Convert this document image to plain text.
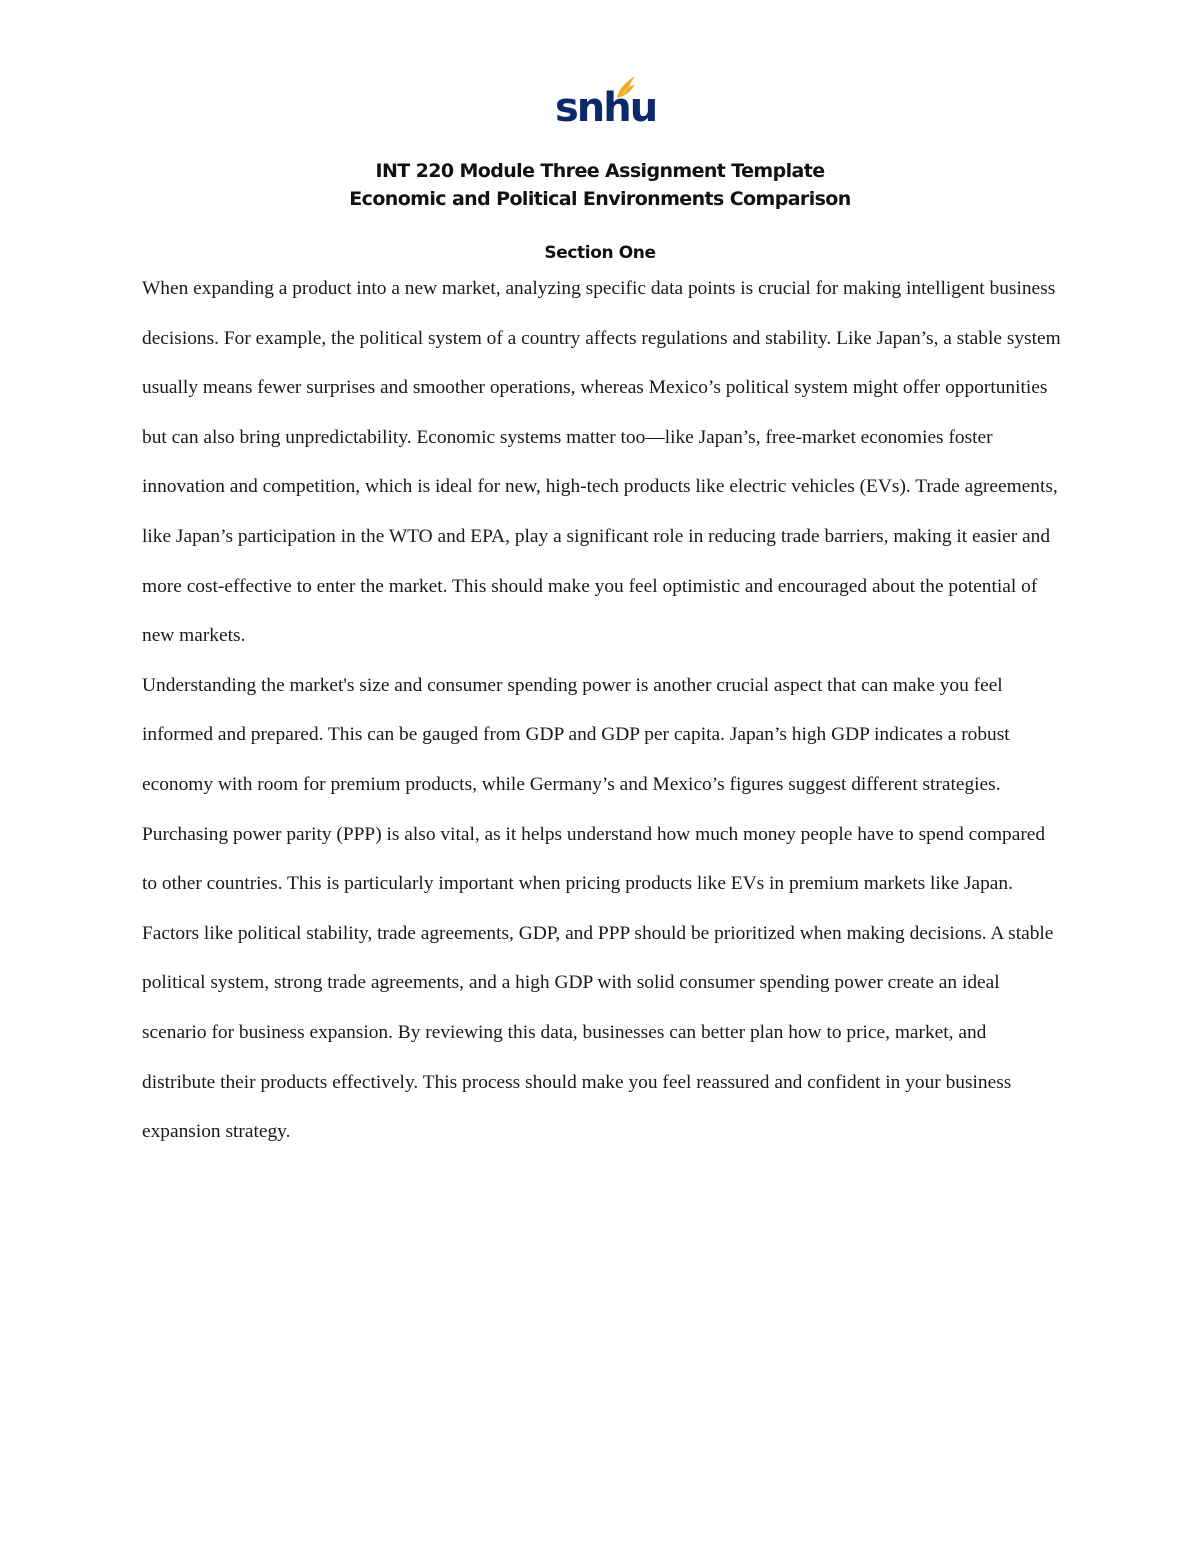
snhu
INT 220 Module Three Assignment Template
Economic and Political Environments Comparison
Section One

When expanding a product into a new market, analyzing specific data points is crucial for making intelligent business decisions. For example, the political system of a country affects regulations and stability. Like Japan’s, a stable system usually means fewer surprises and smoother operations, whereas Mexico’s political system might offer opportunities but can also bring unpredictability. Economic systems matter too—like Japan’s, free-market economies foster innovation and competition, which is ideal for new, high-tech products like electric vehicles (EVs). Trade agreements, like Japan’s participation in the WTO and EPA, play a significant role in reducing trade barriers, making it easier and more cost-effective to enter the market. This should make you feel optimistic and encouraged about the potential of new markets.

Understanding the market's size and consumer spending power is another crucial aspect that can make you feel informed and prepared. This can be gauged from GDP and GDP per capita. Japan’s high GDP indicates a robust economy with room for premium products, while Germany’s and Mexico’s figures suggest different strategies. Purchasing power parity (PPP) is also vital, as it helps understand how much money people have to spend compared to other countries. This is particularly important when pricing products like EVs in premium markets like Japan.

Factors like political stability, trade agreements, GDP, and PPP should be prioritized when making decisions. A stable political system, strong trade agreements, and a high GDP with solid consumer spending power create an ideal scenario for business expansion. By reviewing this data, businesses can better plan how to price, market, and distribute their products effectively. This process should make you feel reassured and confident in your business expansion strategy.
